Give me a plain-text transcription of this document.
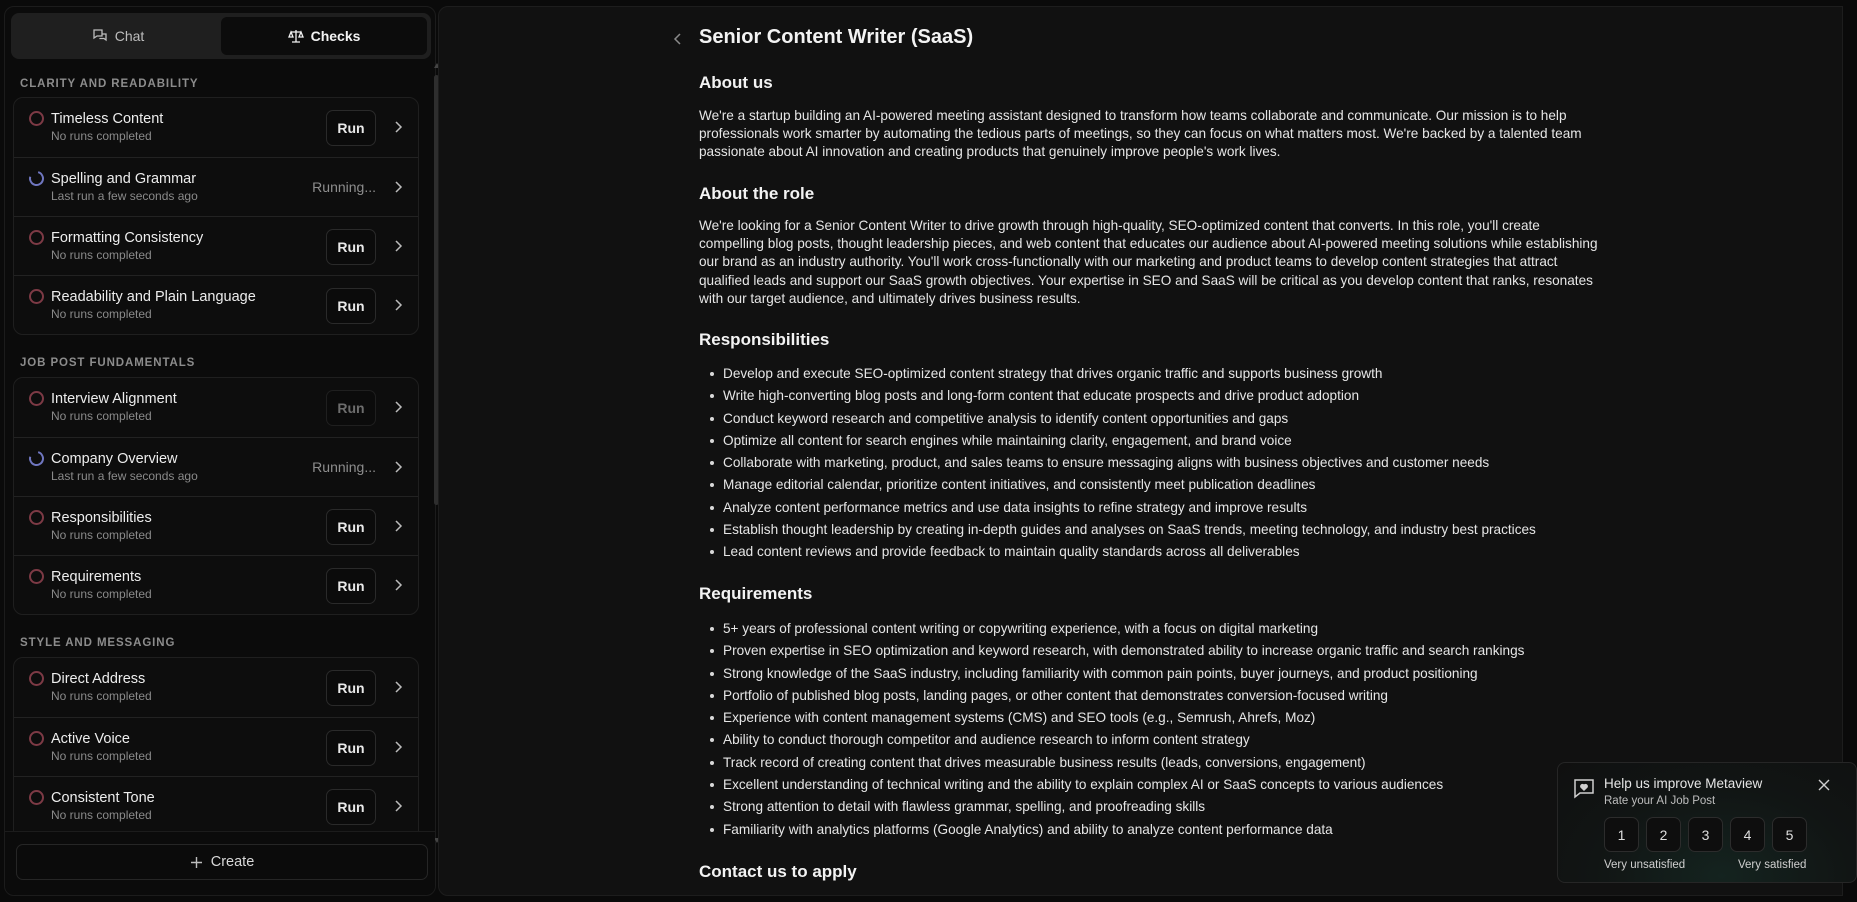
Chat	Checks
CLARITY AND READABILITY
Timeless Content
No runs completed	Run
Spelling and Grammar
Last run a few seconds ago
Running...
Formatting Consistency
No runs completed	Run
Readability and Plain Language
No runs completed	Run
JOB POST FUNDAMENTALS
Interview Alignment
No runs completed	Run
Company Overview
Last run a few seconds ago
Running...
Responsibilities
No runs completed	Run
Requirements
No runs completed	Run
STYLE AND MESSAGING
Direct Address
No runs completed	Run
Active Voice
No runs completed	Run
Consistent Tone
No runs completed	Run
Create
Senior Content Writer (SaaS)
About us

We're a startup building an AI-powered meeting assistant designed to transform how teams collaborate and communicate. Our mission is to help professionals work smarter by automating the tedious parts of meetings, so they can focus on what matters most. We're backed by a talented team passionate about AI innovation and creating products that genuinely improve people's work lives.

About the role

We're looking for a Senior Content Writer to drive growth through high-quality, SEO-optimized content that converts. In this role, you'll create compelling blog posts, thought leadership pieces, and web content that educates our audience about AI-powered meeting solutions while establishing our brand as an industry authority. You'll work cross-functionally with our marketing and product teams to develop content strategies that attract qualified leads and support our SaaS growth objectives. Your expertise in SEO and SaaS will be critical as you develop content that ranks, resonates with our target audience, and ultimately drives business results.

Responsibilities
Develop and execute SEO-optimized content strategy that drives organic traffic and supports business growth
Write high-converting blog posts and long-form content that educate prospects and drive product adoption
Conduct keyword research and competitive analysis to identify content opportunities and gaps
Optimize all content for search engines while maintaining clarity, engagement, and brand voice
Collaborate with marketing, product, and sales teams to ensure messaging aligns with business objectives and customer needs
Manage editorial calendar, prioritize content initiatives, and consistently meet publication deadlines
Analyze content performance metrics and use data insights to refine strategy and improve results
Establish thought leadership by creating in-depth guides and analyses on SaaS trends, meeting technology, and industry best practices
Lead content reviews and provide feedback to maintain quality standards across all deliverables
Requirements
5+ years of professional content writing or copywriting experience, with a focus on digital marketing
Proven expertise in SEO optimization and keyword research, with demonstrated ability to increase organic traffic and search rankings
Strong knowledge of the SaaS industry, including familiarity with common pain points, buyer journeys, and product positioning
Portfolio of published blog posts, landing pages, or other content that demonstrates conversion-focused writing
Experience with content management systems (CMS) and SEO tools (e.g., Semrush, Ahrefs, Moz)
Ability to conduct thorough competitor and audience research to inform content strategy
Track record of creating content that drives measurable business results (leads, conversions, engagement)
Excellent understanding of technical writing and the ability to explain complex AI or SaaS concepts to various audiences
Strong attention to detail with flawless grammar, spelling, and proofreading skills
Familiarity with analytics platforms (Google Analytics) and ability to analyze content performance data
Contact us to apply
Help us improve Metaview
Rate your AI Job Post
1	2	3	4	5
Very unsatisfied	Very satisfied
